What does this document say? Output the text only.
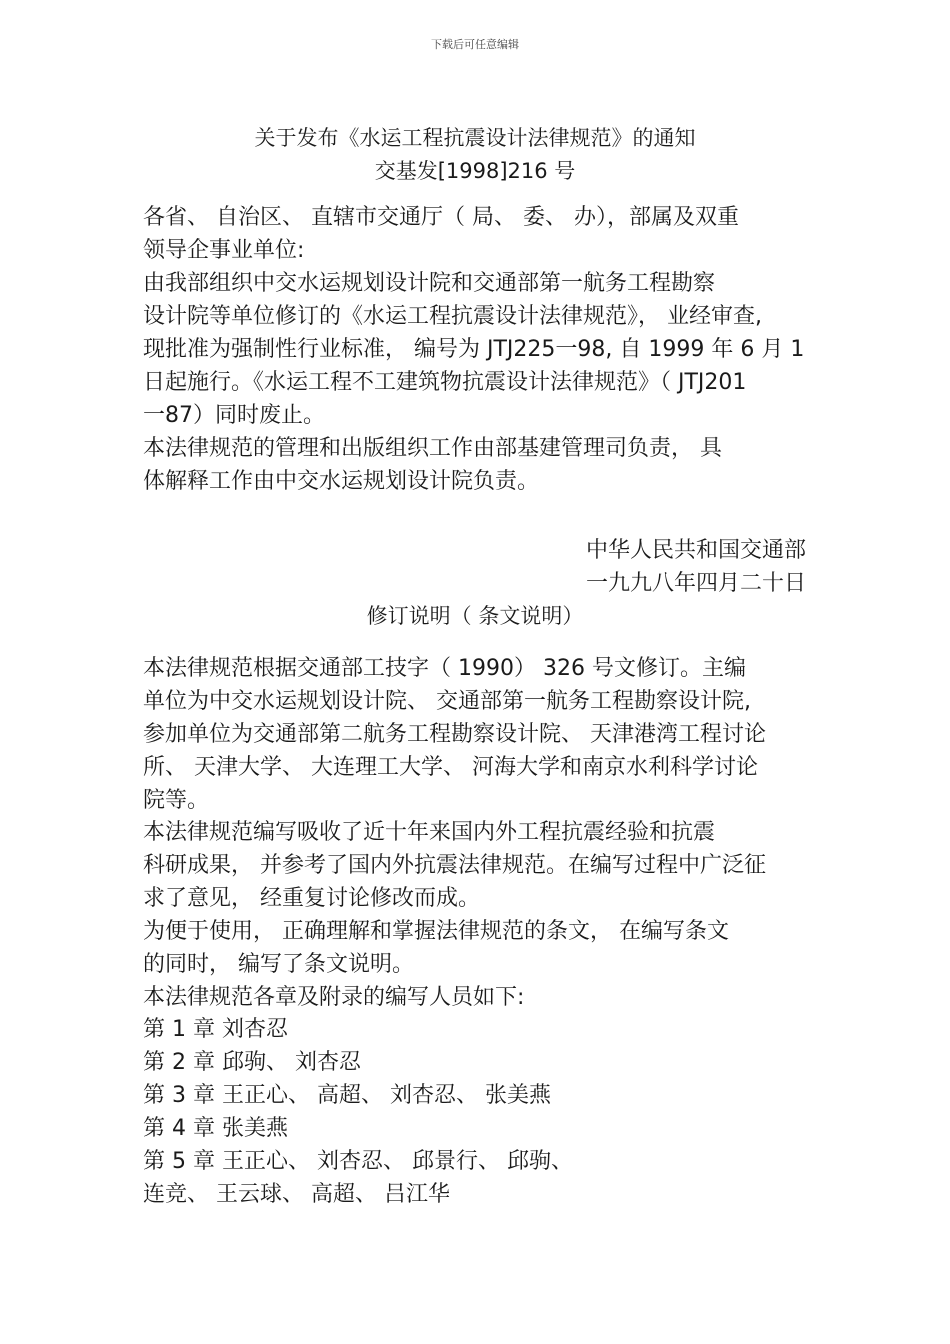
下载后可任意编辑
关于发布《水运工程抗震设计法律规范》的通知
交基发[1998]216 号
各省、 自治区、 直辖市交通厅（ 局、 委、 办），部属及双重
领导企事业单位:
由我部组织中交水运规划设计院和交通部第一航务工程勘察
设计院等单位修订的《水运工程抗震设计法律规范》， 业经审查,
现批准为强制性行业标准， 编号为 JTJ225一98, 自 1999 年 6 月 1
日起施行。《水运工程不工建筑物抗震设计法律规范》（ JTJ201
一87）同时废止。
本法律规范的管理和出版组织工作由部基建管理司负责， 具
体解释工作由中交水运规划设计院负责。
中华人民共和国交通部
一九九八年四月二十日
修订说明（ 条文说明）
本法律规范根据交通部工技字（ 1990） 326 号文修订。主编
单位为中交水运规划设计院、 交通部第一航务工程勘察设计院,
参加单位为交通部第二航务工程勘察设计院、 天津港湾工程讨论
所、 天津大学、 大连理工大学、 河海大学和南京水利科学讨论
院等。
本法律规范编写吸收了近十年来国内外工程抗震经验和抗震
科研成果， 并参考了国内外抗震法律规范。在编写过程中广泛征
求了意见， 经重复讨论修改而成。
为便于使用， 正确理解和掌握法律规范的条文， 在编写条文
的同时， 编写了条文说明。
本法律规范各章及附录的编写人员如下:
第 1 章 刘杏忍
第 2 章 邱驹、 刘杏忍
第 3 章 王正心、 高超、 刘杏忍、 张美燕
第 4 章 张美燕
第 5 章 王正心、 刘杏忍、 邱景行、 邱驹、
连竞、 王云球、 高超、 吕江华
